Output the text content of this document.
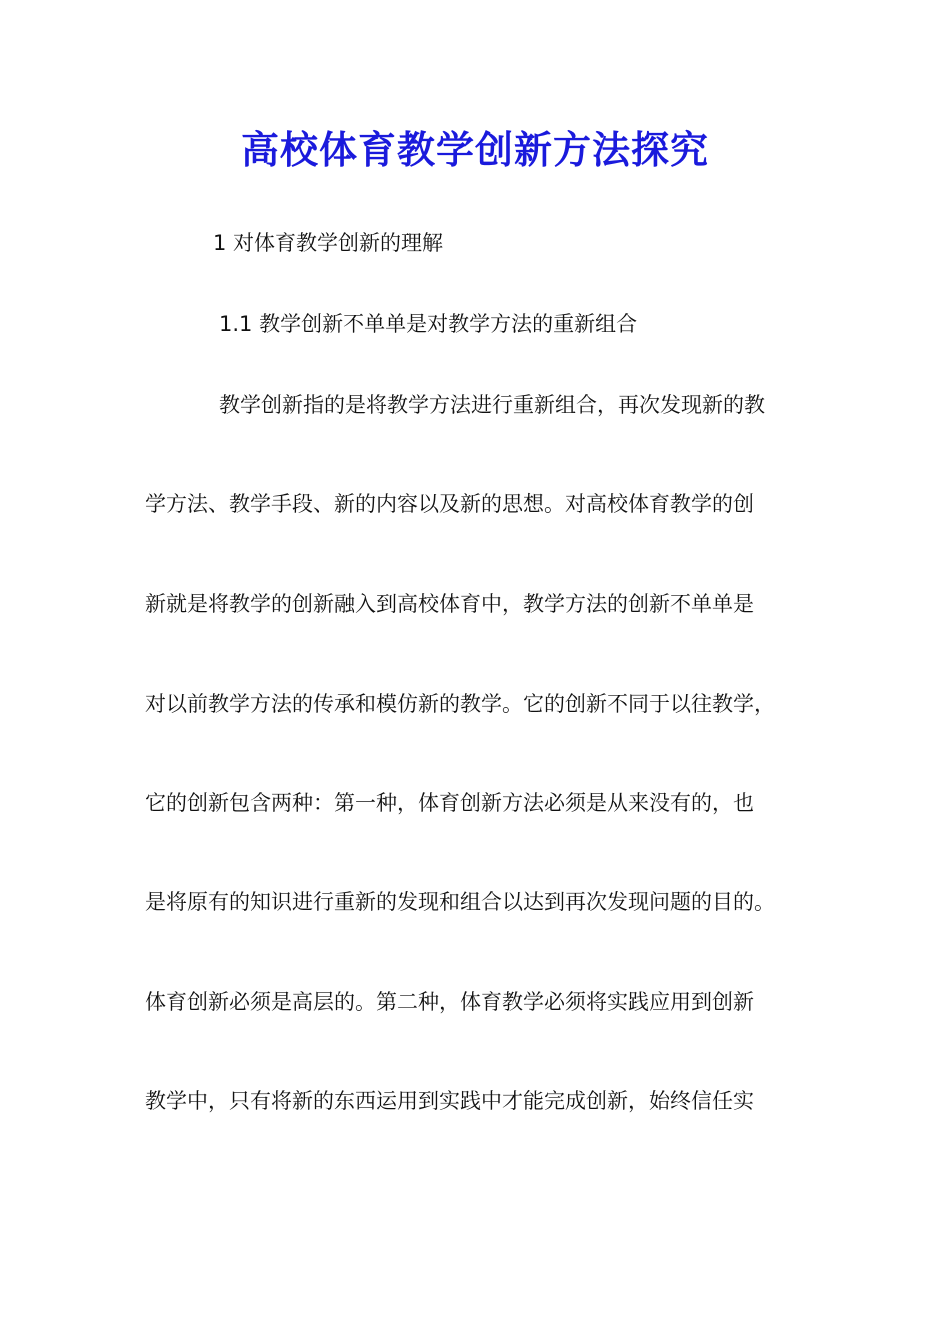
高校体育教学创新方法探究
1 对体育教学创新的理解
1.1 教学创新不单单是对教学方法的重新组合
教学创新指的是将教学方法进行重新组合，再次发现新的教
学方法、教学手段、新的内容以及新的思想。对高校体育教学的创
新就是将教学的创新融入到高校体育中，教学方法的创新不单单是
对以前教学方法的传承和模仿新的教学。它的创新不同于以往教学，
它的创新包含两种：第一种，体育创新方法必须是从来没有的，也
是将原有的知识进行重新的发现和组合以达到再次发现问题的目的。
体育创新必须是高层的。第二种，体育教学必须将实践应用到创新
教学中，只有将新的东西运用到实践中才能完成创新，始终信任实
